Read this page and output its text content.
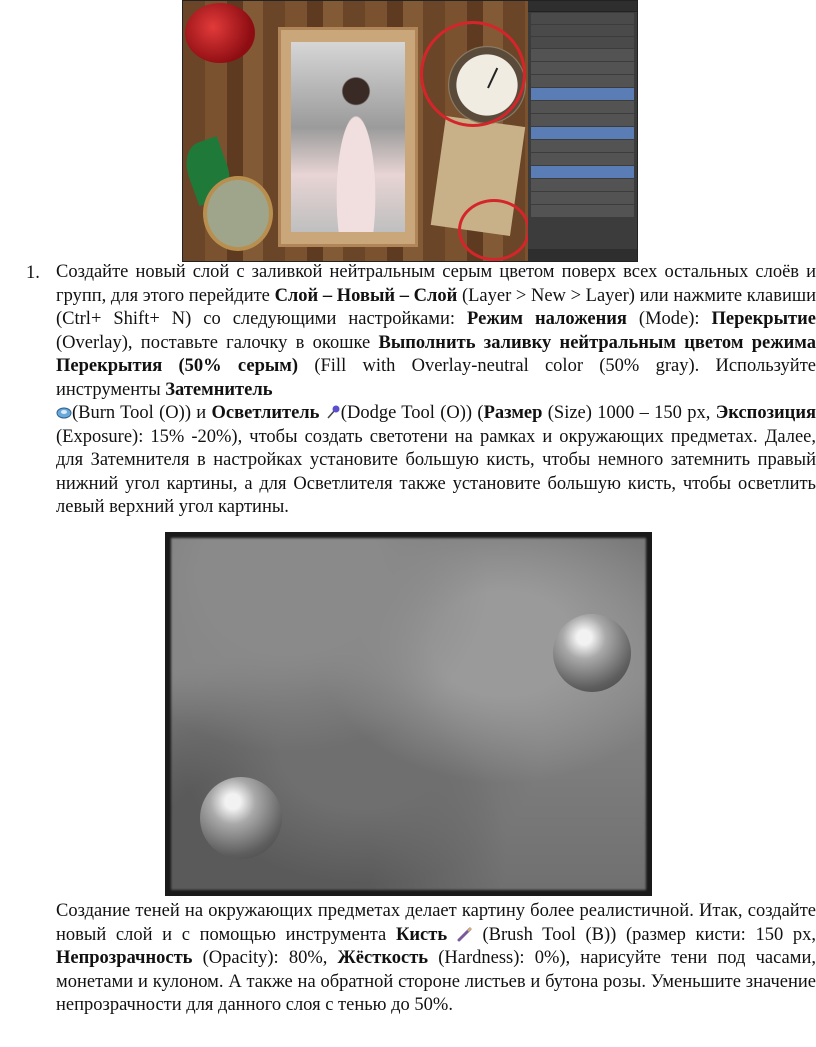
1. Создайте новый слой с заливкой нейтральным серым цветом поверх всех остальных слоёв и групп, для этого перейдите Слой – Новый – Слой (Layer > New > Layer) или нажмите клавиши (Ctrl+ Shift+ N) со следующими настройками: Режим наложения (Mode): Перекрытие (Overlay), поставьте галочку в окошке Выполнить заливку нейтральным цветом режима Перекрытия (50% серым) (Fill with Overlay-neutral color (50% gray). Используйте инструменты Затемнитель
(Burn Tool (O)) и Осветлитель (Dodge Tool (O)) (Размер (Size) 1000 – 150 px, Экспозиция (Exposure): 15% -20%), чтобы создать светотени на рамках и окружающих предметах. Далее, для Затемнителя в настройках установите большую кисть, чтобы немного затемнить правый нижний угол картины, а для Осветлителя также установите большую кисть, чтобы осветлить левый верхний угол картины.

Создание теней на окружающих предметах делает картину более реалистичной. Итак, создайте новый слой и с помощью инструмента Кисть  (Brush Tool (B)) (размер кисти: 150 px, Непрозрачность (Opacity): 80%, Жёсткость (Hardness): 0%), нарисуйте тени под часами, монетами и кулоном. А также на обратной стороне листьев и бутона розы. Уменьшите значение непрозрачности для данного слоя с тенью до 50%.
